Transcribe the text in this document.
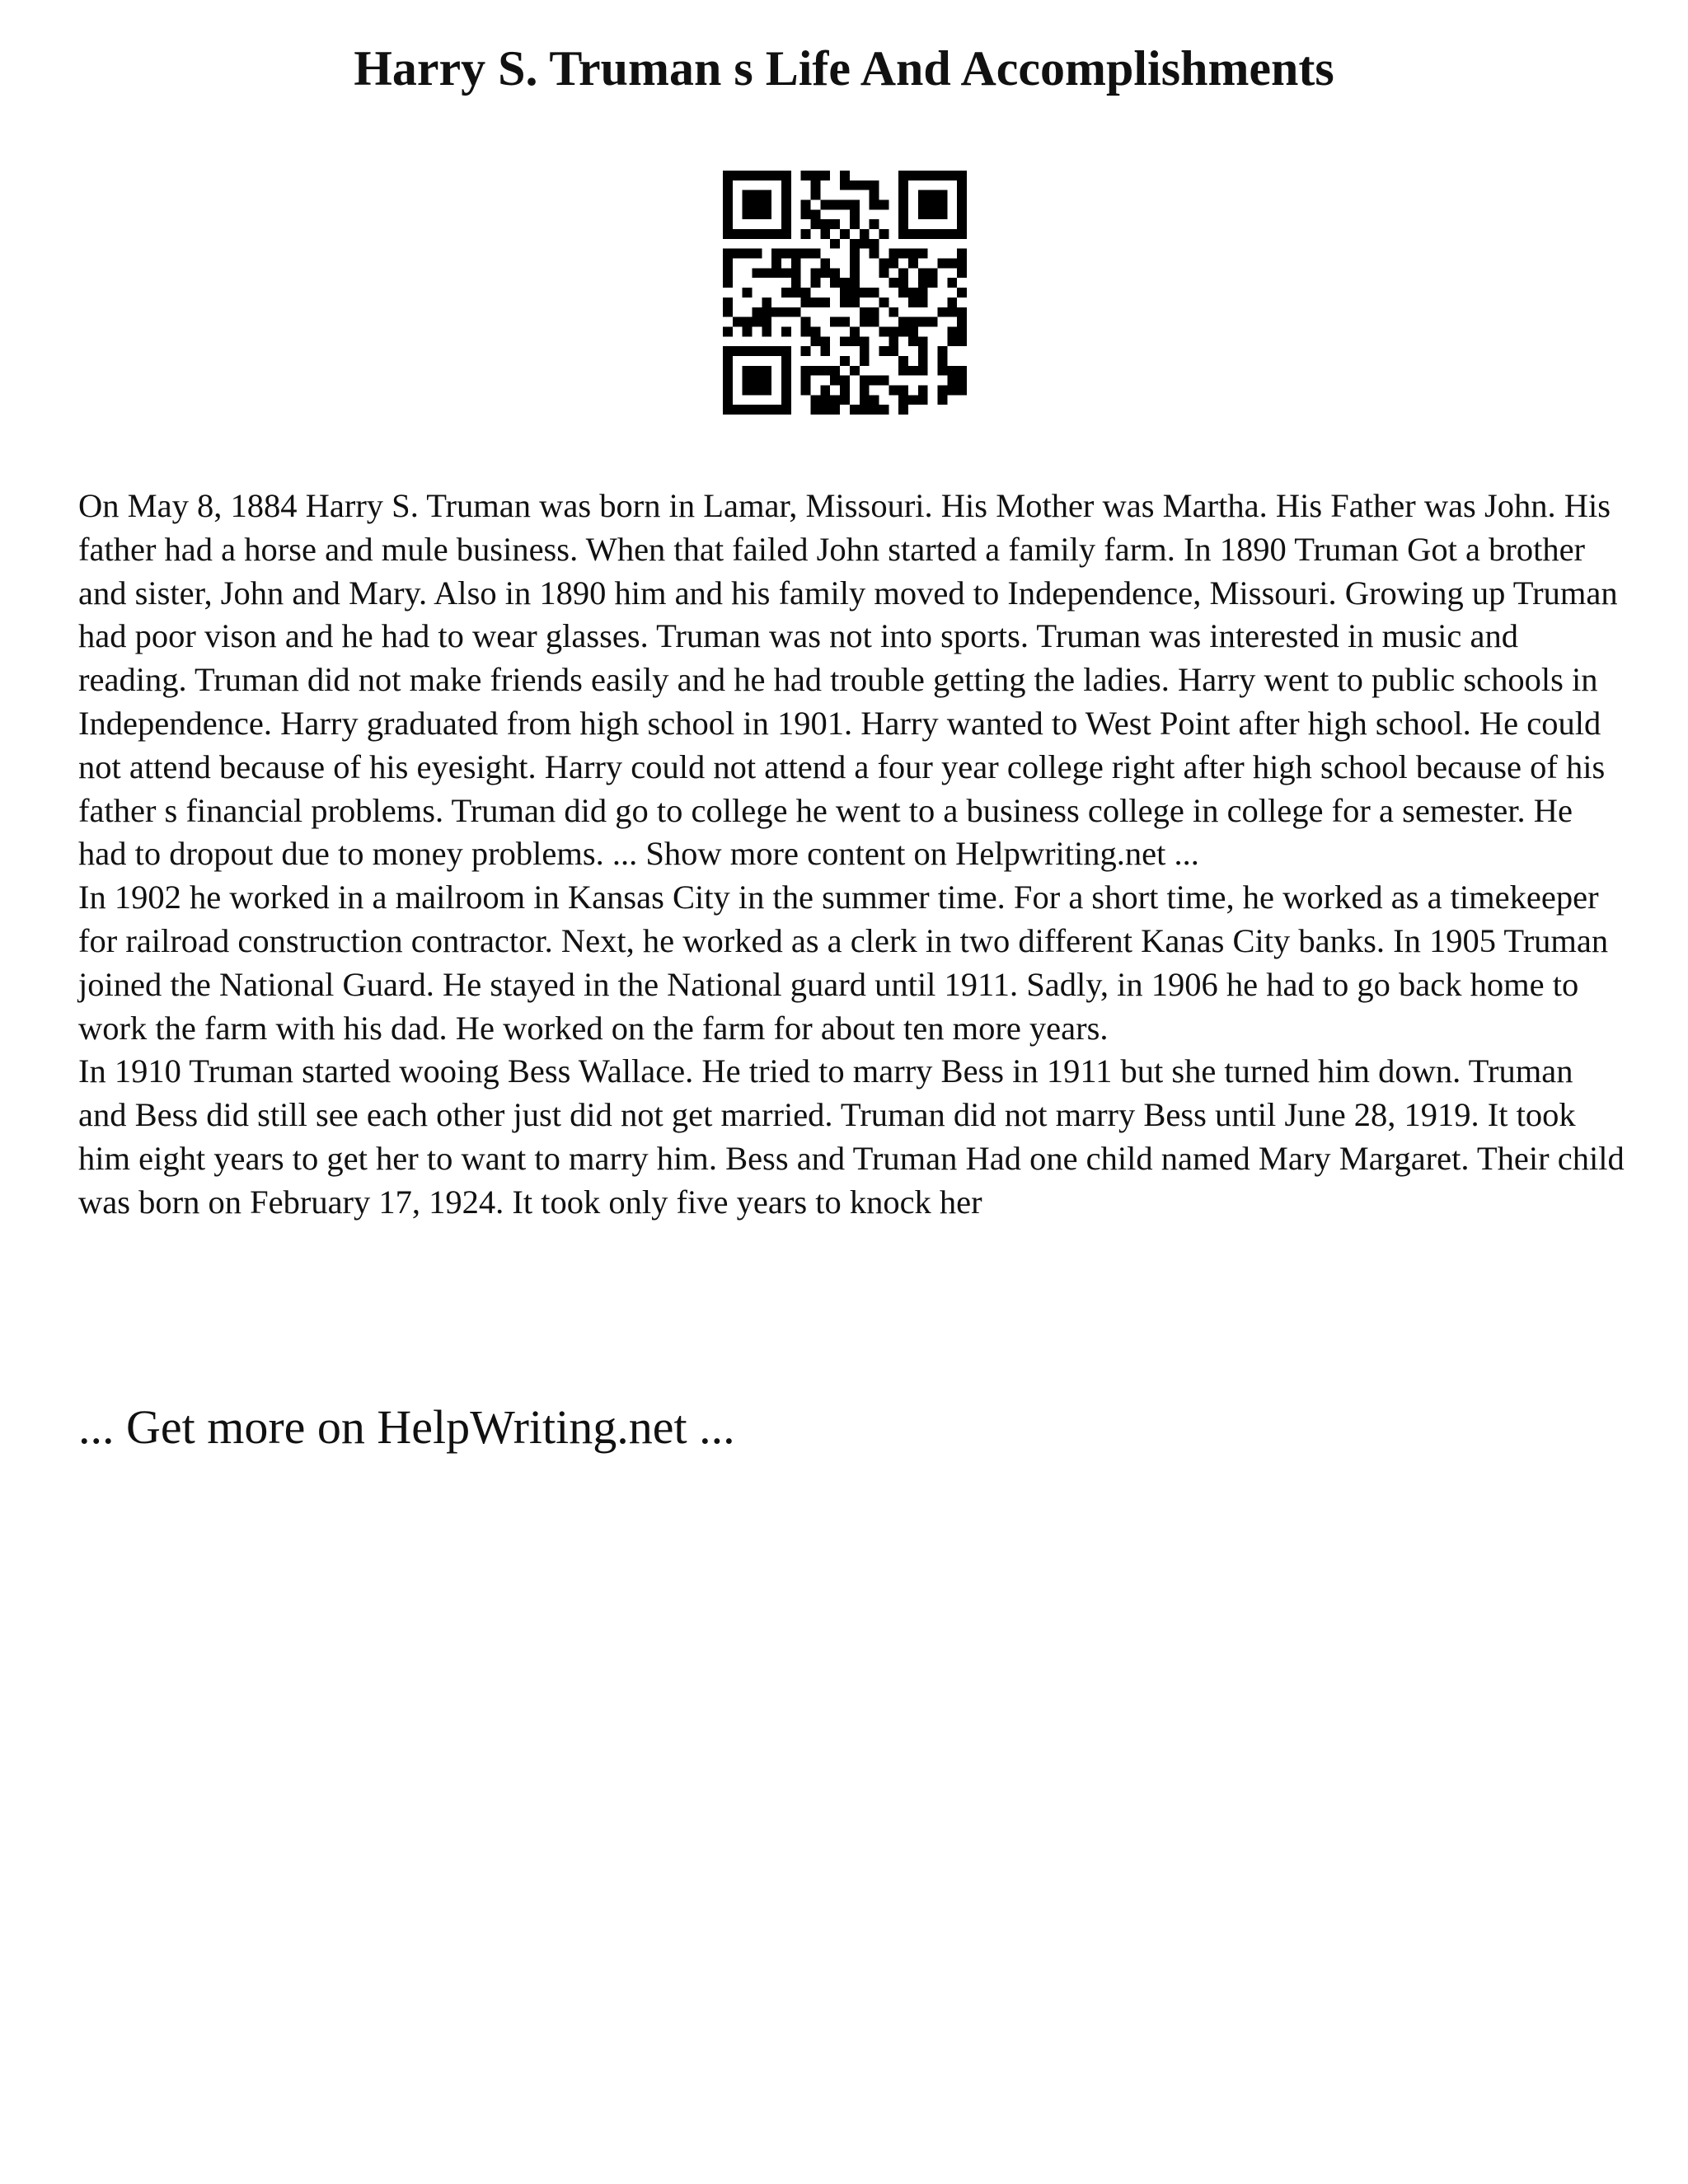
Harry S. Truman s Life And Accomplishments

On May 8, 1884 Harry S. Truman was born in Lamar, Missouri. His Mother was Martha. His Father was John. His father had a horse and mule business. When that failed John started a family farm. In 1890 Truman Got a brother and sister, John and Mary. Also in 1890 him and his family moved to Independence, Missouri. Growing up Truman had poor vison and he had to wear glasses. Truman was not into sports. Truman was interested in music and reading. Truman did not make friends easily and he had trouble getting the ladies. Harry went to public schools in Independence. Harry graduated from high school in 1901. Harry wanted to West Point after high school. He could not attend because of his eyesight. Harry could not attend a four year college right after high school because of his father s financial problems. Truman did go to college he went to a business college in college for a semester. He had to dropout due to money problems. ... Show more content on Helpwriting.net ...

In 1902 he worked in a mailroom in Kansas City in the summer time. For a short time, he worked as a timekeeper for railroad construction contractor. Next, he worked as a clerk in two different Kanas City banks. In 1905 Truman joined the National Guard. He stayed in the National guard until 1911. Sadly, in 1906 he had to go back home to work the farm with his dad. He worked on the farm for about ten more years.

In 1910 Truman started wooing Bess Wallace. He tried to marry Bess in 1911 but she turned him down. Truman and Bess did still see each other just did not get married. Truman did not marry Bess until June 28, 1919. It took him eight years to get her to want to marry him. Bess and Truman Had one child named Mary Margaret. Their child was born on February 17, 1924. It took only five years to knock her

... Get more on HelpWriting.net ...
